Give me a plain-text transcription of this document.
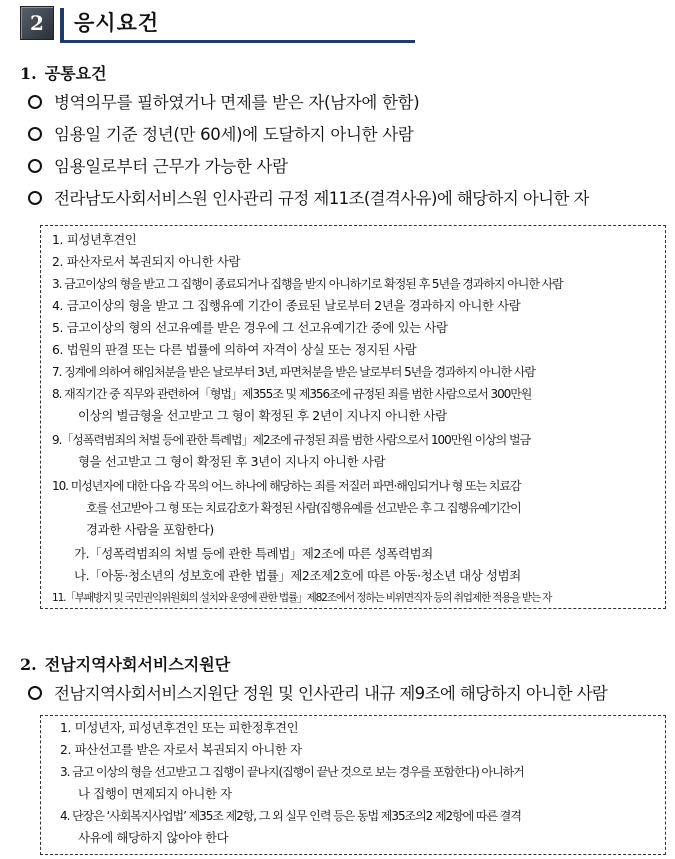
2	응시요건
1. 공통요건
병역의무를 필하였거나 면제를 받은 자(남자에 한함)
임용일 기준 정년(만 60세)에 도달하지 아니한 사람
임용일로부터 근무가 가능한 사람
전라남도사회서비스원 인사관리 규정 제11조(결격사유)에 해당하지 아니한 자
1. 피성년후견인
2. 파산자로서 복권되지 아니한 사람
3. 금고이상의 형을 받고 그 집행이 종료되거나 집행을 받지 아니하기로 확정된 후 5년을 경과하지 아니한 사람
4. 금고이상의 형을 받고 그 집행유예 기간이 종료된 날로부터 2년을 경과하지 아니한 사람
5. 금고이상의 형의 선고유예를 받은 경우에 그 선고유예기간 중에 있는 사람
6. 법원의 판결 또는 다른 법률에 의하여 자격이 상실 또는 정지된 사람
7. 징계에 의하여 해임처분을 받은 날로부터 3년, 파면처분을 받은 날로부터 5년을 경과하지 아니한 사람
8. 재직기간 중 직무와 관련하여「형법」제355조 및 제356조에 규정된 죄를 범한 사람으로서 300만원
이상의 벌금형을 선고받고 그 형이 확정된 후 2년이 지나지 아니한 사람
9.「성폭력범죄의 처벌 등에 관한 특례법」제2조에 규정된 죄를 범한 사람으로서 100만원 이상의 벌금
형을 선고받고 그 형이 확정된 후 3년이 지나지 아니한 사람
10. 미성년자에 대한 다음 각 목의 어느 하나에 해당하는 죄를 저질러 파면·해임되거나 형 또는 치료감
호를 선고받아 그 형 또는 치료감호가 확정된 사람(집행유예를 선고받은 후 그 집행유예기간이
경과한 사람을 포함한다)
가.「성폭력범죄의 처벌 등에 관한 특례법」제2조에 따른 성폭력범죄
나.「아동·청소년의 성보호에 관한 법률」제2조제2호에 따른 아동·청소년 대상 성범죄
11.「부패방지 및 국민권익위원회의 설치와 운영에 관한 법률」제82조에서 정하는 비위면직자 등의 취업제한 적용을 받는 자
2. 전남지역사회서비스지원단
전남지역사회서비스지원단 정원 및 인사관리 내규 제9조에 해당하지 아니한 사람
1. 미성년자, 피성년후견인 또는 피한정후견인
2. 파산선고를 받은 자로서 복권되지 아니한 자
3. 금고 이상의 형을 선고받고 그 집행이 끝나지(집행이 끝난 것으로 보는 경우를 포함한다) 아니하거
나 집행이 면제되지 아니한 자
4. 단장은 ‘사회복지사업법’ 제35조 제2항, 그 외 실무 인력 등은 동법 제35조의2 제2항에 따른 결격
사유에 해당하지 않아야 한다
